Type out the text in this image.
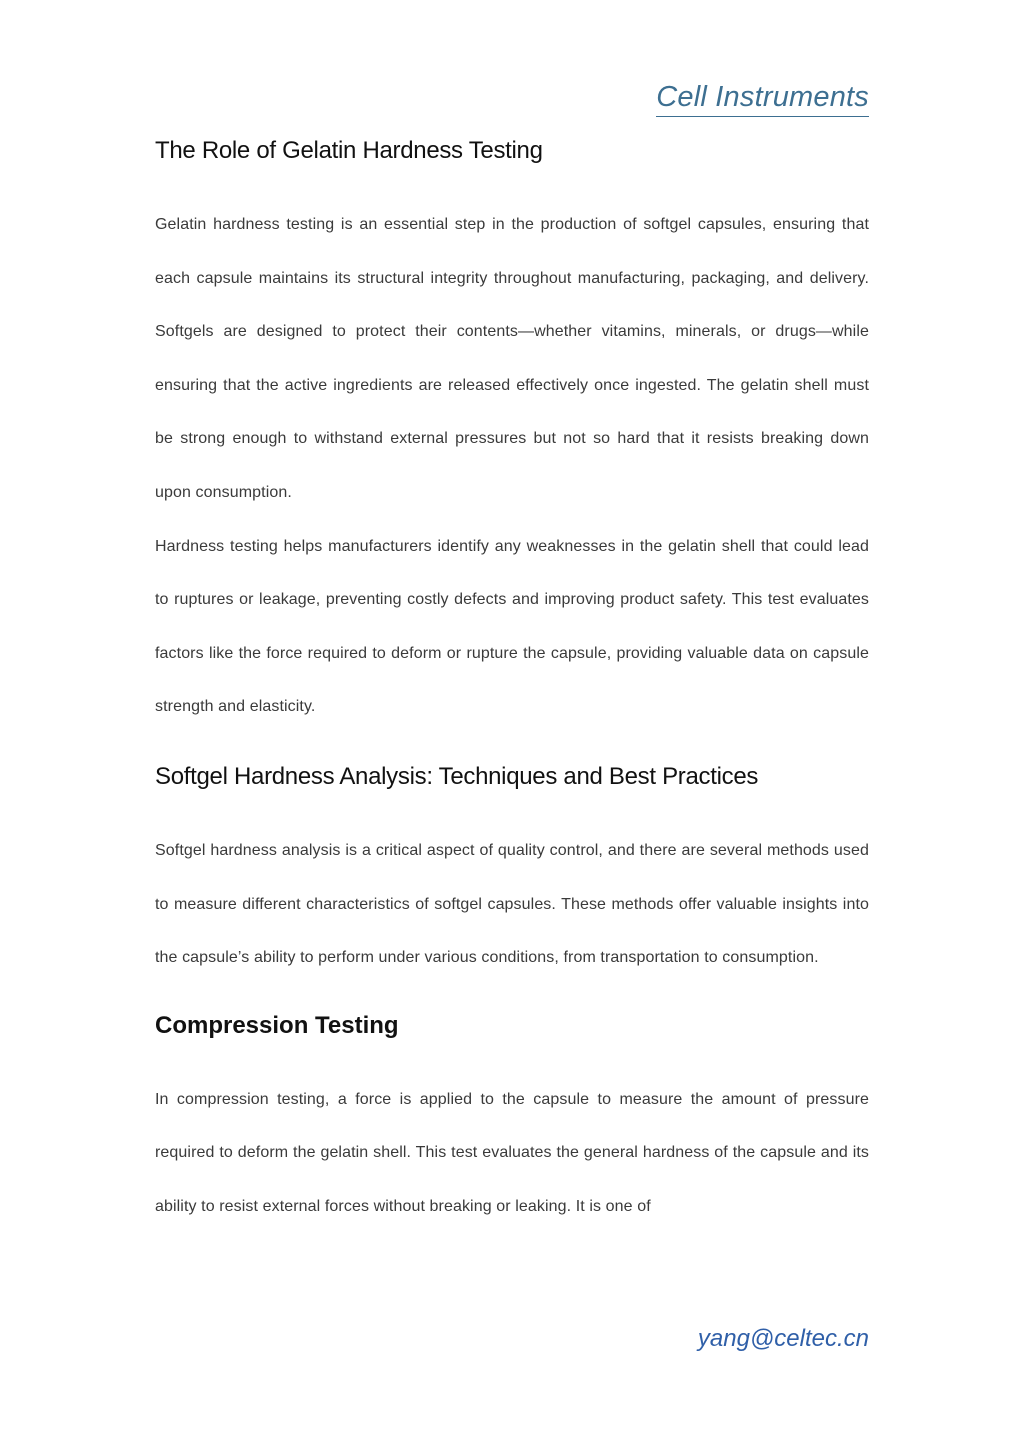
Cell Instruments
The Role of Gelatin Hardness Testing

Gelatin hardness testing is an essential step in the production of softgel capsules, ensuring that each capsule maintains its structural integrity throughout manufacturing, packaging, and delivery. Softgels are designed to protect their contents—whether vitamins, minerals, or drugs—while ensuring that the active ingredients are released effectively once ingested. The gelatin shell must be strong enough to withstand external pressures but not so hard that it resists breaking down upon consumption.

Hardness testing helps manufacturers identify any weaknesses in the gelatin shell that could lead to ruptures or leakage, preventing costly defects and improving product safety. This test evaluates factors like the force required to deform or rupture the capsule, providing valuable data on capsule strength and elasticity.

Softgel Hardness Analysis: Techniques and Best Practices

Softgel hardness analysis is a critical aspect of quality control, and there are several methods used to measure different characteristics of softgel capsules. These methods offer valuable insights into the capsule’s ability to perform under various conditions, from transportation to consumption.

Compression Testing

In compression testing, a force is applied to the capsule to measure the amount of pressure required to deform the gelatin shell. This test evaluates the general hardness of the capsule and its ability to resist external forces without breaking or leaking. It is one of

yang@celtec.cn
